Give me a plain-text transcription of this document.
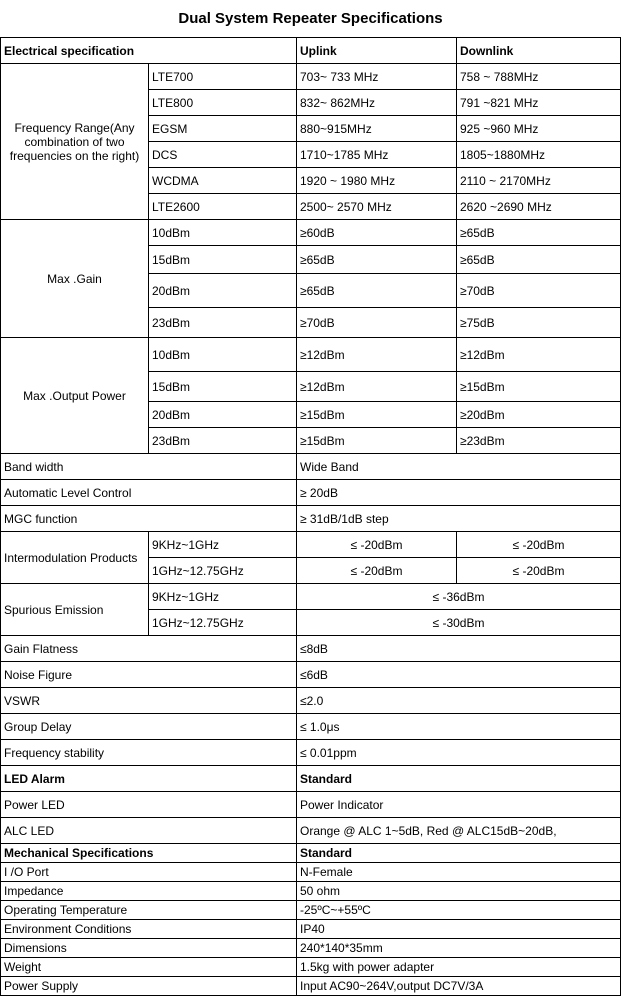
Dual System Repeater Specifications
Electrical specification		Uplink	Downlink
Frequency Range(Any combination of two frequencies on the right)	LTE700	703~ 733 MHz	758 ~ 788MHz
	LTE800	832~ 862MHz	791 ~821 MHz
	EGSM	880~915MHz	925 ~960 MHz
	DCS	1710~1785 MHz	1805~1880MHz
	WCDMA	1920 ~ 1980 MHz	2110 ~ 2170MHz
	LTE2600	2500~ 2570 MHz	2620 ~2690 MHz
Max .Gain	10dBm	≥60dB	≥65dB
	15dBm	≥65dB	≥65dB
	20dBm	≥65dB	≥70dB
	23dBm	≥70dB	≥75dB
Max .Output Power	10dBm	≥12dBm	≥12dBm
	15dBm	≥12dBm	≥15dBm
	20dBm	≥15dBm	≥20dBm
	23dBm	≥15dBm	≥23dBm
Band width		Wide Band	
Automatic Level Control		≥ 20dB	
MGC function		≥ 31dB/1dB step	
Intermodulation Products	9KHz~1GHz	≤ -20dBm	≤ -20dBm
	1GHz~12.75GHz	≤ -20dBm	≤ -20dBm
Spurious Emission	9KHz~1GHz	≤ -36dBm	
	1GHz~12.75GHz	≤ -30dBm	
Gain Flatness		≤8dB	
Noise Figure		≤6dB	
VSWR		≤2.0	
Group Delay		≤ 1.0μs	
Frequency stability		≤ 0.01ppm	
LED Alarm		Standard	
Power LED		Power Indicator	
ALC LED		Orange @ ALC 1~5dB, Red @ ALC15dB~20dB,	
Mechanical Specifications		Standard	
I /O Port		N-Female	
Impedance		50 ohm	
Operating Temperature		-25ºC~+55ºC	
Environment Conditions		IP40	
Dimensions		240*140*35mm	
Weight		1.5kg with power adapter	
Power Supply		Input AC90~264V,output DC7V/3A	
